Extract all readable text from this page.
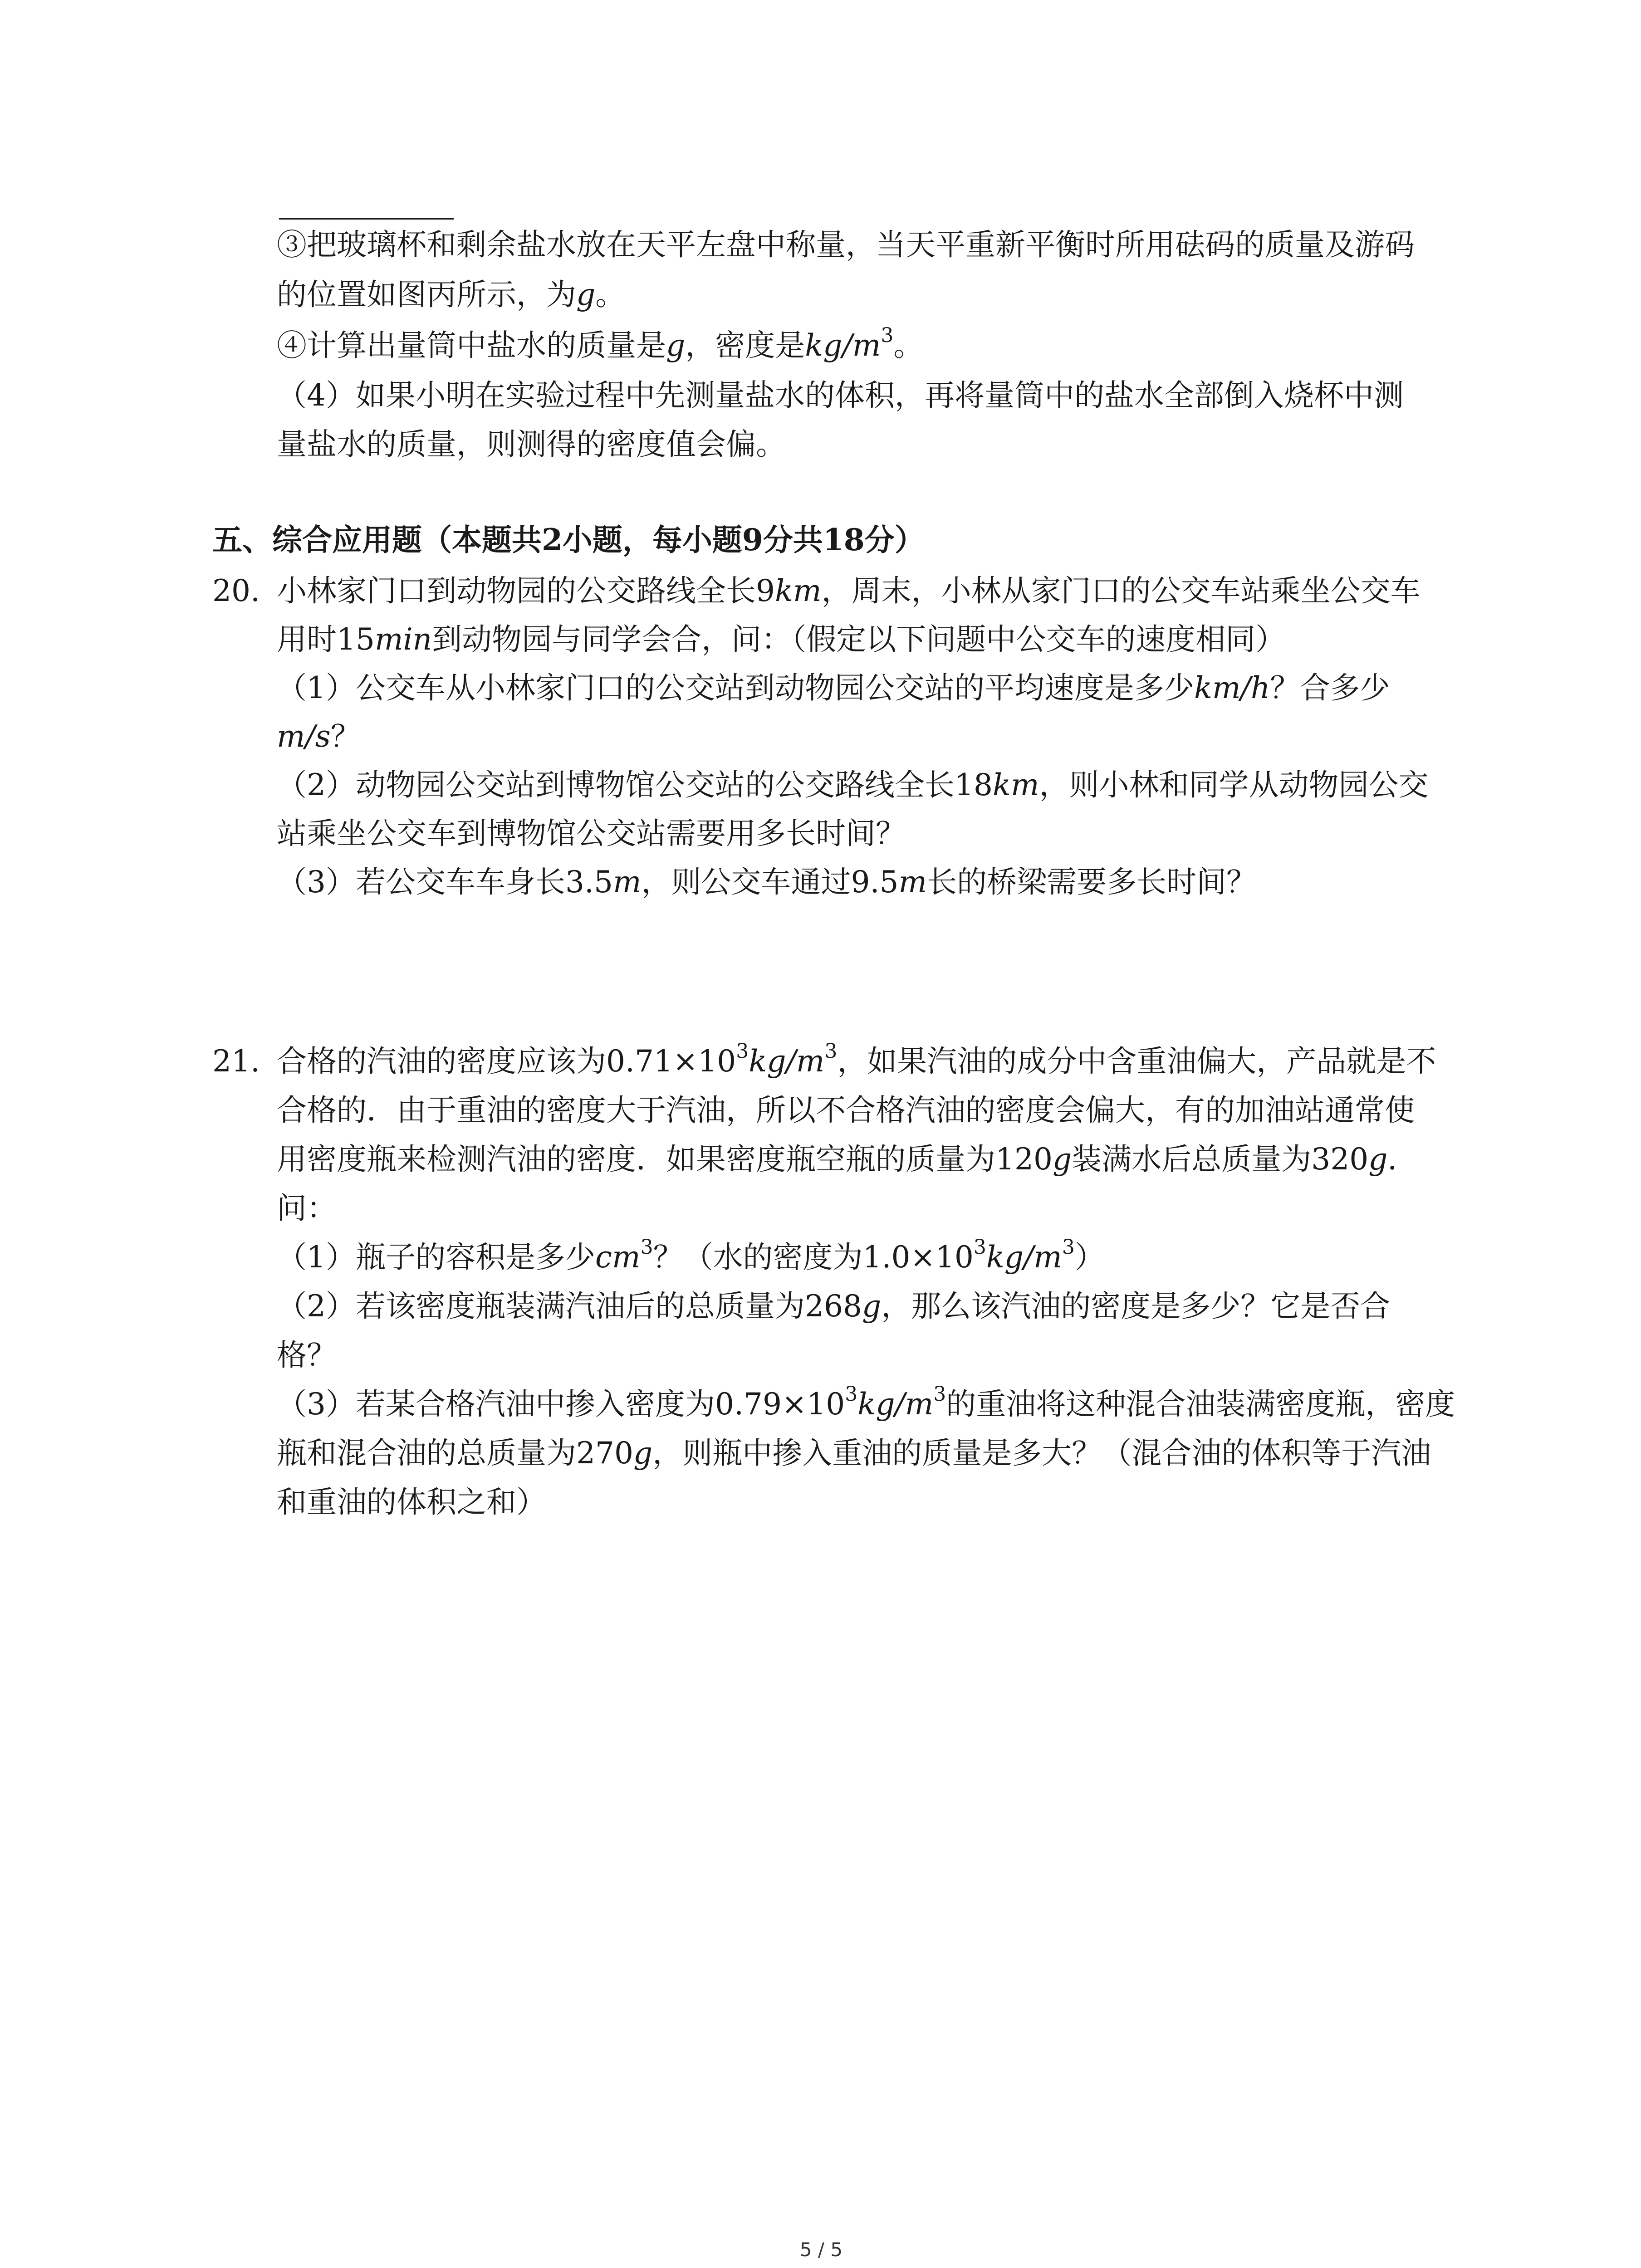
③把玻璃杯和剩余盐水放在天平左盘中称量，当天平重新平衡时所用砝码的质量及游码
的位置如图丙所示，为g。
④计算出量筒中盐水的质量是g，密度是$kg/m^3$。
（4）如果小明在实验过程中先测量盐水的体积，再将量筒中的盐水全部倒入烧杯中测
量盐水的质量，则测得的密度值会偏。
五、综合应用题（本题共2小题，每小题9分共18分）
20. 小林家门口到动物园的公交路线全长9km，周末，小林从家门口的公交车站乘坐公交车
用时15min到动物园与同学会合，问：（假定以下问题中公交车的速度相同）
（1）公交车从小林家门口的公交站到动物园公交站的平均速度是多少km/h？合多少
m/s？
（2）动物园公交站到博物馆公交站的公交路线全长18km，则小林和同学从动物园公交
站乘坐公交车到博物馆公交站需要用多长时间？
（3）若公交车车身长3.5m，则公交车通过9.5m长的桥梁需要多长时间？
21. 合格的汽油的密度应该为$0.71\times 10^3kg/m^3$，如果汽油的成分中含重油偏大，产品就是不
合格的．由于重油的密度大于汽油，所以不合格汽油的密度会偏大，有的加油站通常使
用密度瓶来检测汽油的密度．如果密度瓶空瓶的质量为120g装满水后总质量为320g．
问：
（1）瓶子的容积是多少$cm^3$？（水的密度为$1.0\times 10^3kg/m^3$）
（2）若该密度瓶装满汽油后的总质量为268g，那么该汽油的密度是多少？它是否合
格？
（3）若某合格汽油中掺入密度为$0.79\times 10^3kg/m^3$的重油将这种混合油装满密度瓶，密度
瓶和混合油的总质量为270g，则瓶中掺入重油的质量是多大？（混合油的体积等于汽油
和重油的体积之和）
5 / 5
